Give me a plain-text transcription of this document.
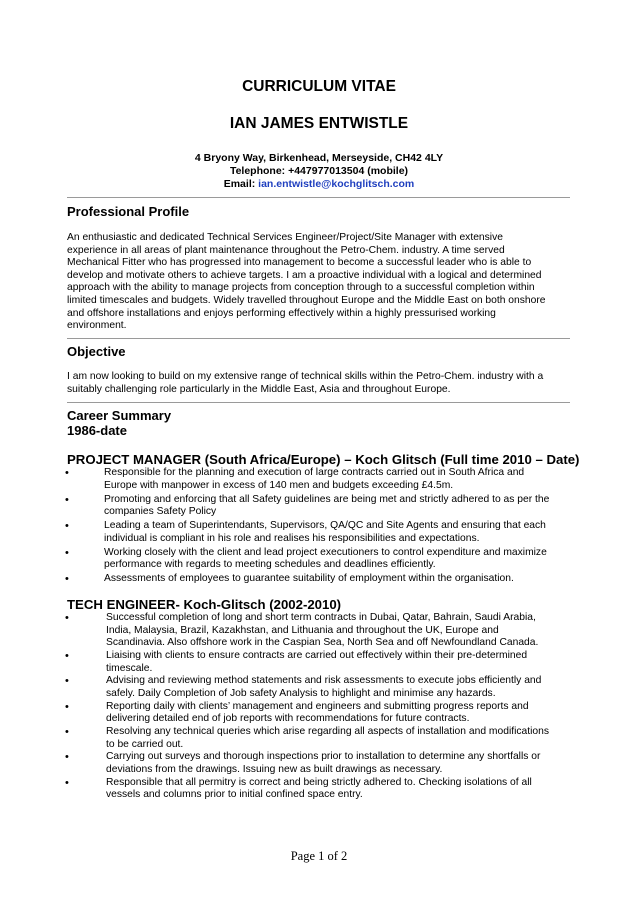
CURRICULUM VITAE
IAN JAMES ENTWISTLE
4 Bryony Way, Birkenhead, Merseyside, CH42 4LY
Telephone: +447977013504 (mobile)
Email: ian.entwistle@kochglitsch.com
Professional Profile
An enthusiastic and dedicated Technical Services Engineer/Project/Site Manager with extensive
experience in all areas of plant maintenance throughout the Petro-Chem. industry. A time served
Mechanical Fitter who has progressed into management to become a successful leader who is able to
develop and motivate others to achieve targets. I am a proactive individual with a logical and determined
approach with the ability to manage projects from conception through to a successful completion within
limited timescales and budgets. Widely travelled throughout Europe and the Middle East on both onshore
and offshore installations and enjoys performing effectively within a highly pressurised working
environment.
Objective
I am now looking to build on my extensive range of technical skills within the Petro-Chem. industry with a
suitably challenging role particularly in the Middle East, Asia and throughout Europe.
Career Summary
1986-date
PROJECT MANAGER (South Africa/Europe) – Koch Glitsch (Full time 2010 – Date)
•	Responsible for the planning and execution of large contracts carried out in South Africa and
Europe with manpower in excess of 140 men and budgets exceeding £4.5m.
•	Promoting and enforcing that all Safety guidelines are being met and strictly adhered to as per the
companies Safety Policy
•	Leading a team of Superintendants, Supervisors, QA/QC and Site Agents and ensuring that each
individual is compliant in his role and realises his responsibilities and expectations.
•	Working closely with the client and lead project executioners to control expenditure and maximize
performance with regards to meeting schedules and deadlines efficiently.
•	Assessments of employees to guarantee suitability of employment within the organisation.
TECH ENGINEER- Koch-Glitsch (2002-2010)
•	Successful completion of long and short term contracts in Dubai, Qatar, Bahrain, Saudi Arabia,
India, Malaysia, Brazil, Kazakhstan, and Lithuania and throughout the UK, Europe and
Scandinavia. Also offshore work in the Caspian Sea, North Sea and off Newfoundland Canada.
•	Liaising with clients to ensure contracts are carried out effectively within their pre-determined
timescale.
•	Advising and reviewing method statements and risk assessments to execute jobs efficiently and
safely. Daily Completion of Job safety Analysis to highlight and minimise any hazards.
•	Reporting daily with clients’ management and engineers and submitting progress reports and
delivering detailed end of job reports with recommendations for future contracts.
•	Resolving any technical queries which arise regarding all aspects of installation and modifications
to be carried out.
•	Carrying out surveys and thorough inspections prior to installation to determine any shortfalls or
deviations from the drawings. Issuing new as built drawings as necessary.
•	Responsible that all permitry is correct and being strictly adhered to. Checking isolations of all
vessels and columns prior to initial confined space entry.
Page 1 of 2
